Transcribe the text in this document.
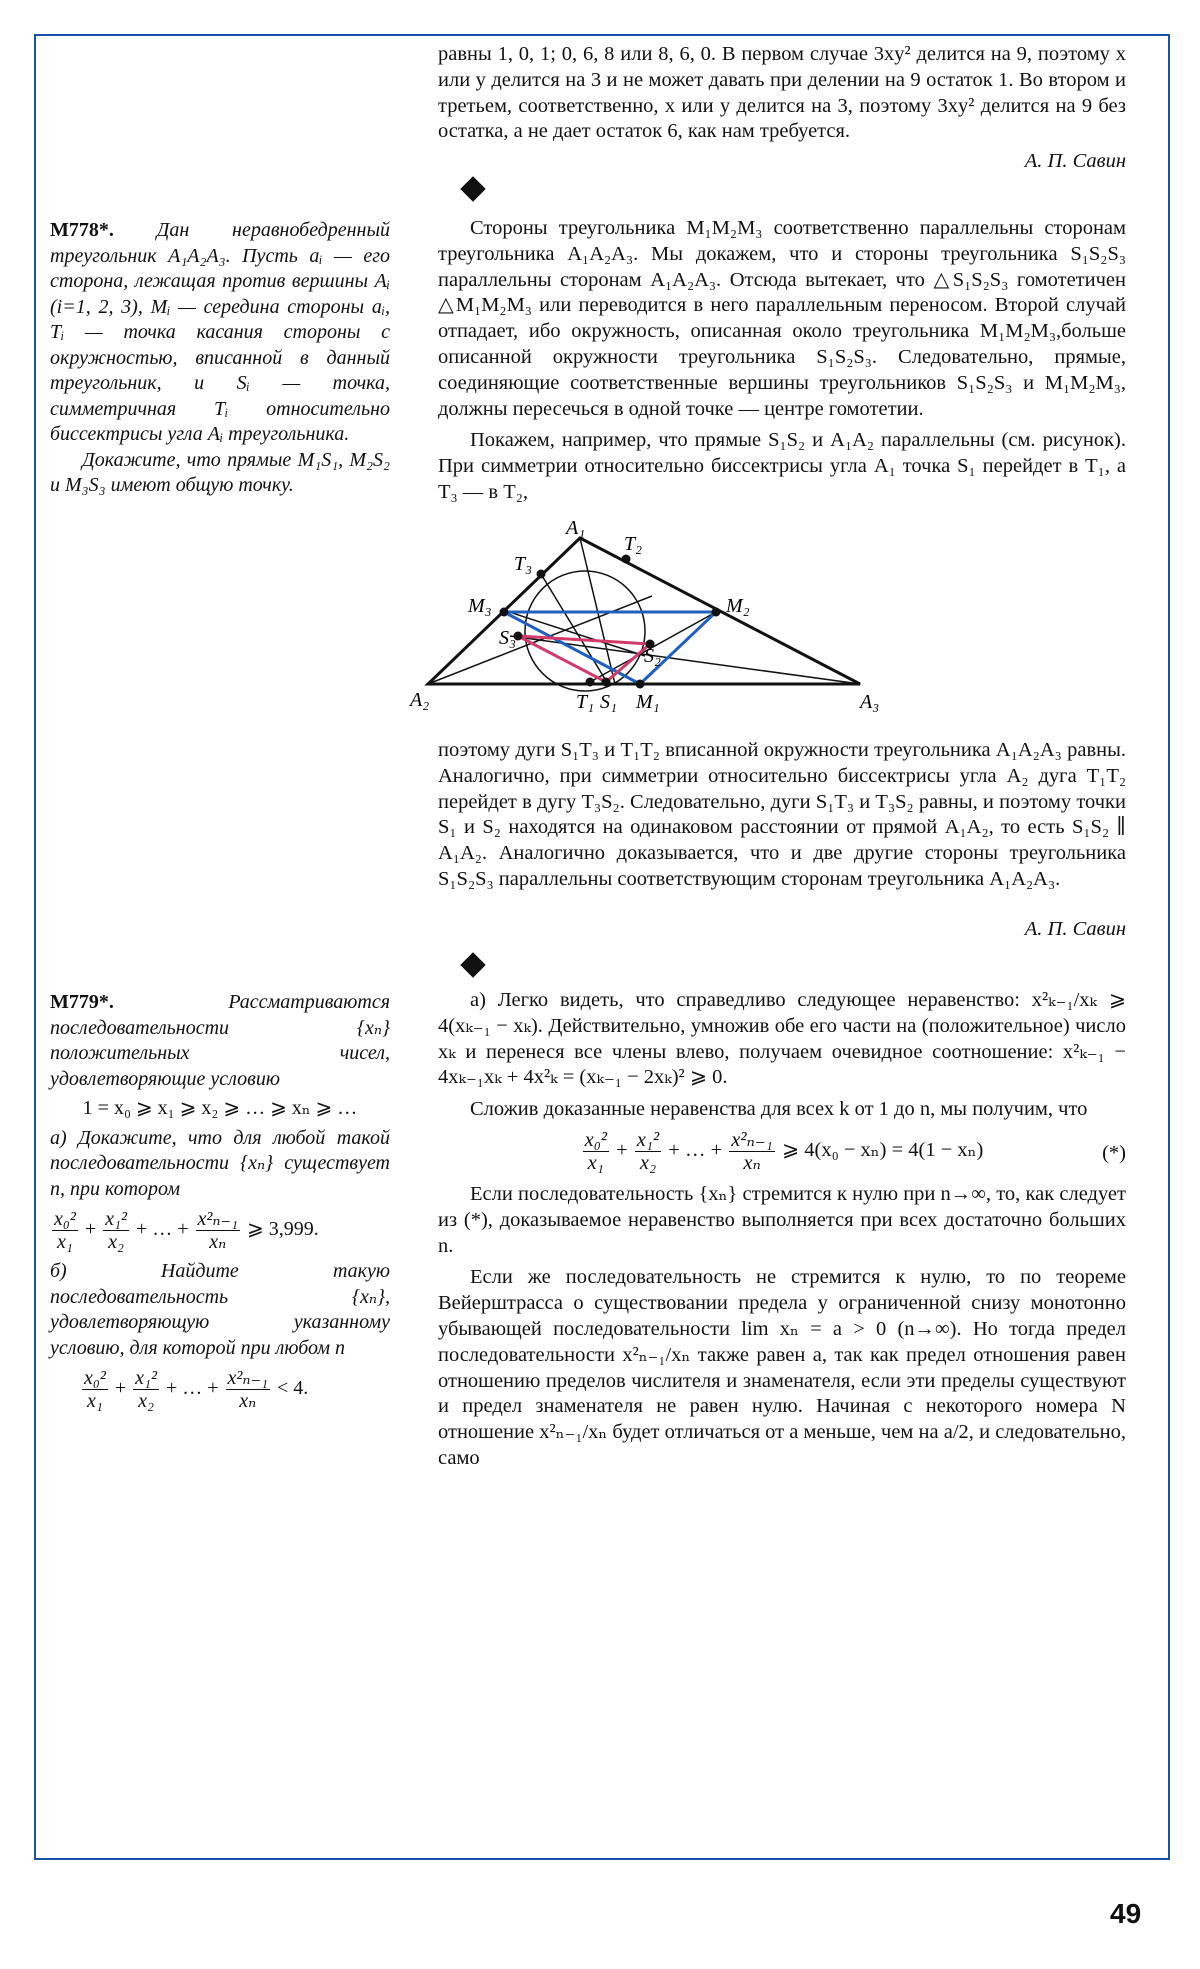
равны 1, 0, 1; 0, 6, 8 или 8, 6, 0. В первом случае 3xy² делится на 9, поэтому x или y делится на 3 и не может давать при делении на 9 остаток 1. Во втором и третьем, соответственно, x или y делится на 3, поэтому 3xy² делится на 9 без остатка, а не дает остаток 6, как нам требуется.

А. П. Савин
М778*. Дан неравнобедренный треугольник A₁A₂A₃. Пусть aᵢ — его сторона, лежащая против вершины Aᵢ (i=1, 2, 3), Mᵢ — середина стороны aᵢ, Tᵢ — точка касания стороны с окружностью, вписанной в данный треугольник, и Sᵢ — точка, симметричная Tᵢ относительно биссектрисы угла Aᵢ треугольника.
Докажите, что прямые M₁S₁, M₂S₂ и M₃S₃ имеют общую точку.

Стороны треугольника M₁M₂M₃ соответственно параллельны сторонам треугольника A₁A₂A₃. Мы докажем, что и стороны треугольника S₁S₂S₃ параллельны сторонам A₁A₂A₃. Отсюда вытекает, что △S₁S₂S₃ гомотетичен △M₁M₂M₃ или переводится в него параллельным переносом. Второй случай отпадает, ибо окружность, описанная около треугольника M₁M₂M₃,больше описанной окружности треугольника S₁S₂S₃. Следовательно, прямые, соединяющие соответственные вершины треугольников S₁S₂S₃ и M₁M₂M₃, должны пересечься в одной точке — центре гомотетии.

Покажем, например, что прямые S₁S₂ и A₁A₂ параллельны (см. рисунок). При симметрии относительно биссектрисы угла A₁ точка S₁ перейдет в T₁, а T₃ — в T₂,

A₁
A₂	A₃
T₃
T₂
M₃	M₂
S₃
S₂
T₁ S₁ M₁

поэтому дуги S₁T₃ и T₁T₂ вписанной окружности треугольника A₁A₂A₃ равны. Аналогично, при симметрии относительно биссектрисы угла A₂ дуга T₁T₂ перейдет в дугу T₃S₂. Следовательно, дуги S₁T₃ и T₃S₂ равны, и поэтому точки S₁ и S₂ находятся на одинаковом расстоянии от прямой A₁A₂, то есть S₁S₂ ∥ A₁A₂. Аналогично доказывается, что и две другие стороны треугольника S₁S₂S₃ параллельны соответствующим сторонам треугольника A₁A₂A₃.

А. П. Савин
М779*.	Рассматриваются последовательности {xₙ} положительных чисел, удовлетворяющие условию
1 = x₀ ⩾ x₁ ⩾ x₂ ⩾ … ⩾ xₙ ⩾ …
а) Докажите, что для любой такой последовательности {xₙ} существует n, при котором
$\frac{\text{x₀²}}{\text{x₁}} + \frac{\text{x₁²}}{\text{x₂}}$ + … + $\frac{\text{x²ₙ₋₁}}{\text{xₙ}}$ ⩾ 3,999.
б) Найдите такую последовательность {xₙ}, удовлетворяющую указанному условию, для которой при любом n
$\frac{\text{x₀²}}{\text{x₁}} + \frac{\text{x₁²}}{\text{x₂}}$ + … + $\frac{\text{x²ₙ₋₁}}{\text{xₙ}} < 4$.

а) Легко видеть, что справедливо следующее неравенство: x²ₖ₋₁/xₖ ⩾ 4(xₖ₋₁ − xₖ). Действительно, умножив обе его части на (положительное) число xₖ и перенеся все члены влево, получаем очевидное соотношение: x²ₖ₋₁ − 4xₖ₋₁xₖ + 4x²ₖ = (xₖ₋₁ − 2xₖ)² ⩾ 0.

Сложив доказанные неравенства для всех k от 1 до n, мы получим, что

$\frac{\text{x₀²}}{\text{x₁}} + \frac{\text{x₁²}}{\text{x₂}}$ + … + $\frac{\text{x²ₙ₋₁}}{\text{xₙ}}$ ⩾ 4(x₀ − xₙ) = 4(1 − xₙ)	(*)

Если последовательность {xₙ} стремится к нулю при n→∞, то, как следует из (*), доказываемое неравенство выполняется при всех достаточно больших n.

Если же последовательность не стремится к нулю, то по теореме Вейерштрасса о существовании предела у ограниченной снизу монотонно убывающей последовательности lim xₙ = a > 0 (n→∞). Но тогда предел последовательности x²ₙ₋₁/xₙ также равен a, так как предел отношения равен отношению пределов числителя и знаменателя, если эти пределы существуют и предел знаменателя не равен нулю. Начиная с некоторого номера N отношение x²ₙ₋₁/xₙ будет отличаться от a меньше, чем на a/2, и следовательно, само

49
